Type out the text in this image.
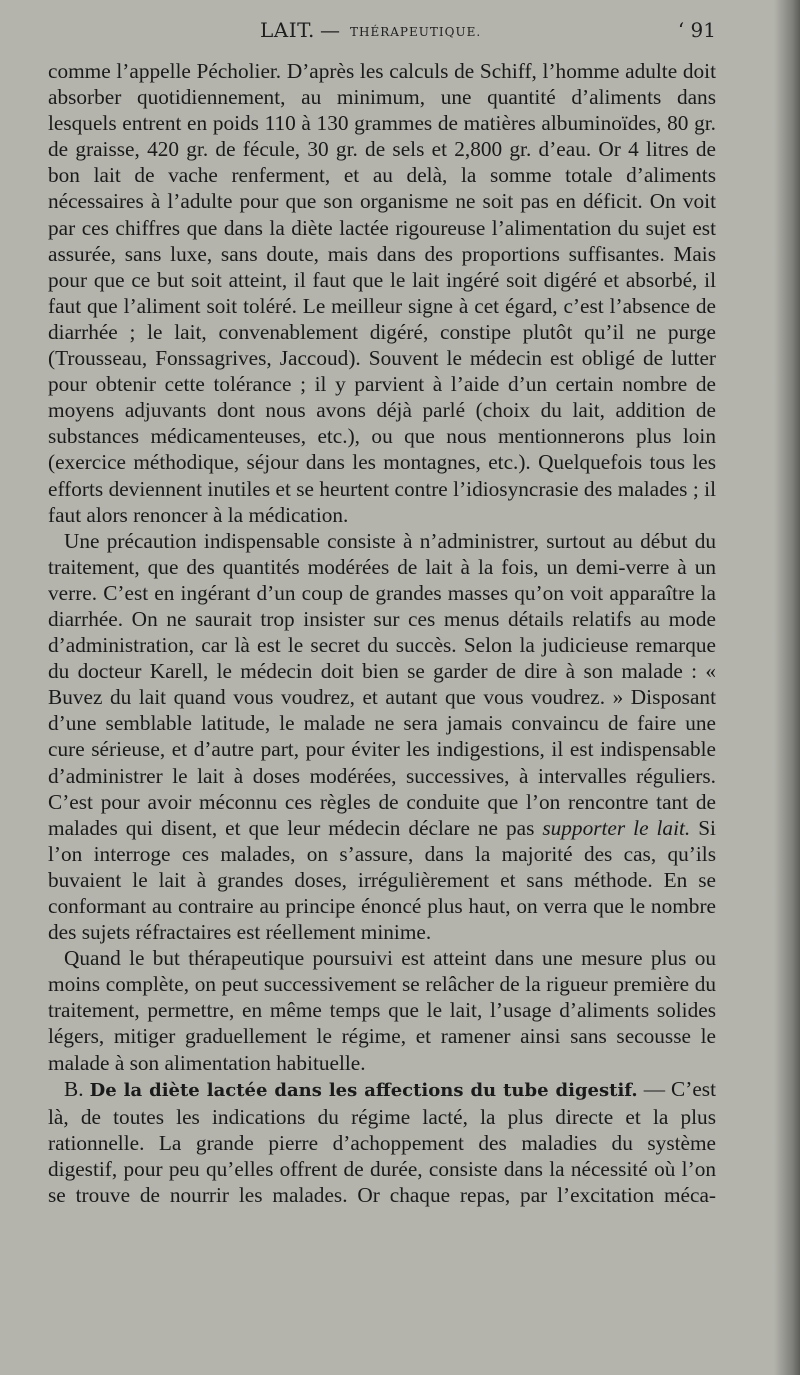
LAIT. — THÉRAPEUTIQUE.	‘ 91

comme l’appelle Pécholier. D’après les calculs de Schiff, l’homme adulte doit absorber quotidiennement, au minimum, une quantité d’aliments dans lesquels entrent en poids 110 à 130 grammes de matières albuminoïdes, 80 gr. de graisse, 420 gr. de fécule, 30 gr. de sels et 2,800 gr. d’eau. Or 4 litres de bon lait de vache renferment, et au delà, la somme totale d’aliments nécessaires à l’adulte pour que son organisme ne soit pas en déficit. On voit par ces chiffres que dans la diète lactée rigoureuse l’alimentation du sujet est assurée, sans luxe, sans doute, mais dans des proportions suffisantes. Mais pour que ce but soit atteint, il faut que le lait ingéré soit digéré et absorbé, il faut que l’aliment soit toléré. Le meilleur signe à cet égard, c’est l’absence de diarrhée ; le lait, convenablement digéré, constipe plutôt qu’il ne purge (Trousseau, Fonssagrives, Jaccoud). Souvent le médecin est obligé de lutter pour obtenir cette tolérance ; il y parvient à l’aide d’un certain nombre de moyens adjuvants dont nous avons déjà parlé (choix du lait, addition de substances médicamenteuses, etc.), ou que nous mentionnerons plus loin (exercice méthodique, séjour dans les montagnes, etc.). Quelquefois tous les efforts deviennent inutiles et se heurtent contre l’idiosyncrasie des malades ; il faut alors renoncer à la médication.

Une précaution indispensable consiste à n’administrer, surtout au début du traitement, que des quantités modérées de lait à la fois, un demi-verre à un verre. C’est en ingérant d’un coup de grandes masses qu’on voit apparaître la diarrhée. On ne saurait trop insister sur ces menus détails relatifs au mode d’administration, car là est le secret du succès. Selon la judicieuse remarque du docteur Karell, le médecin doit bien se garder de dire à son malade : « Buvez du lait quand vous voudrez, et autant que vous voudrez. » Disposant d’une semblable latitude, le malade ne sera jamais convaincu de faire une cure sérieuse, et d’autre part, pour éviter les indigestions, il est indispensable d’administrer le lait à doses modérées, successives, à intervalles réguliers. C’est pour avoir méconnu ces règles de conduite que l’on rencontre tant de malades qui disent, et que leur médecin déclare ne pas supporter le lait. Si l’on interroge ces malades, on s’assure, dans la majorité des cas, qu’ils buvaient le lait à grandes doses, irrégulièrement et sans méthode. En se conformant au contraire au principe énoncé plus haut, on verra que le nombre des sujets réfractaires est réellement minime.

Quand le but thérapeutique poursuivi est atteint dans une mesure plus ou moins complète, on peut successivement se relâcher de la rigueur première du traitement, permettre, en même temps que le lait, l’usage d’aliments solides légers, mitiger graduellement le régime, et ramener ainsi sans secousse le malade à son alimentation habituelle.

B. De la diète lactée dans les affections du tube digestif. — C’est là, de toutes les indications du régime lacté, la plus directe et la plus rationnelle. La grande pierre d’achoppement des maladies du système digestif, pour peu qu’elles offrent de durée, consiste dans la nécessité où l’on se trouve de nourrir les malades. Or chaque repas, par l’excitation méca-
